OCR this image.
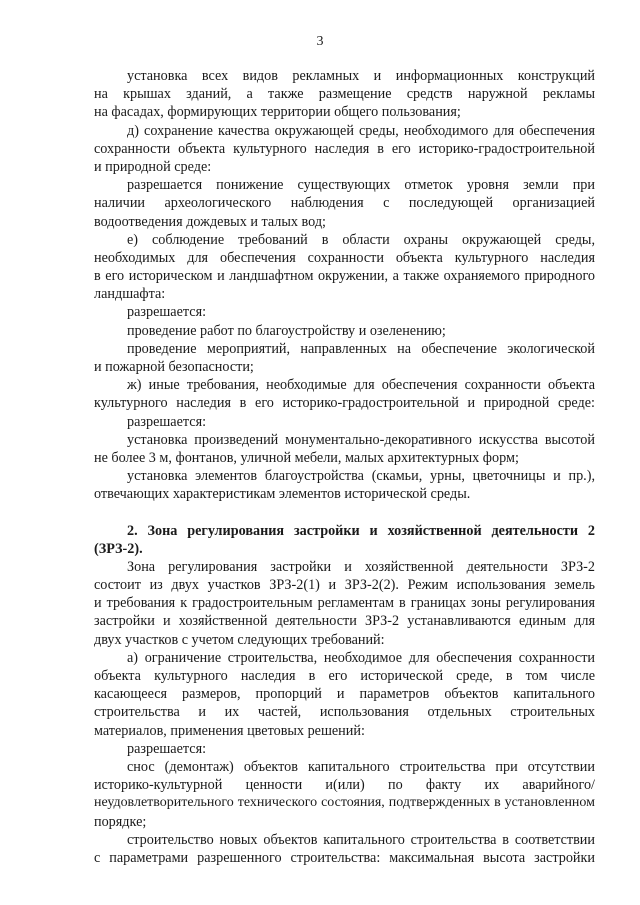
3
установка всех видов рекламных и информационных конструкций
на крышах зданий, а также размещение средств наружной рекламы
на фасадах, формирующих территории общего пользования;
д) сохранение качества окружающей среды, необходимого для обеспечения
сохранности объекта культурного наследия в его историко-градостроительной
и природной среде:
разрешается понижение существующих отметок уровня земли при
наличии археологического наблюдения с последующей организацией
водоотведения дождевых и талых вод;
е) соблюдение требований в области охраны окружающей среды,
необходимых для обеспечения сохранности объекта культурного наследия
в его историческом и ландшафтном окружении, а также охраняемого природного
ландшафта:
разрешается:
проведение работ по благоустройству и озеленению;
проведение мероприятий, направленных на обеспечение экологической
и пожарной безопасности;
ж) иные требования, необходимые для обеспечения сохранности объекта
культурного наследия в его историко-градостроительной и природной среде:
разрешается:
установка произведений монументально-декоративного искусства высотой
не более 3 м, фонтанов, уличной мебели, малых архитектурных форм;
установка элементов благоустройства (скамьи, урны, цветочницы и пр.),
отвечающих характеристикам элементов исторической среды.
2. Зона регулирования застройки и хозяйственной деятельности 2
(ЗРЗ-2).
Зона регулирования застройки и хозяйственной деятельности ЗРЗ-2
состоит из двух участков ЗРЗ-2(1) и ЗРЗ-2(2). Режим использования земель
и требования к градостроительным регламентам в границах зоны регулирования
застройки и хозяйственной деятельности ЗРЗ-2 устанавливаются единым для
двух участков с учетом следующих требований:
а) ограничение строительства, необходимое для обеспечения сохранности
объекта культурного наследия в его исторической среде, в том числе
касающееся размеров, пропорций и параметров объектов капитального
строительства и их частей, использования отдельных строительных
материалов, применения цветовых решений:
разрешается:
снос (демонтаж) объектов капитального строительства при отсутствии
историко-культурной ценности и(или) по факту их аварийного/
неудовлетворительного технического состояния, подтвержденных в установленном
порядке;
строительство новых объектов капитального строительства в соответствии
с параметрами разрешенного строительства: максимальная высота застройки
